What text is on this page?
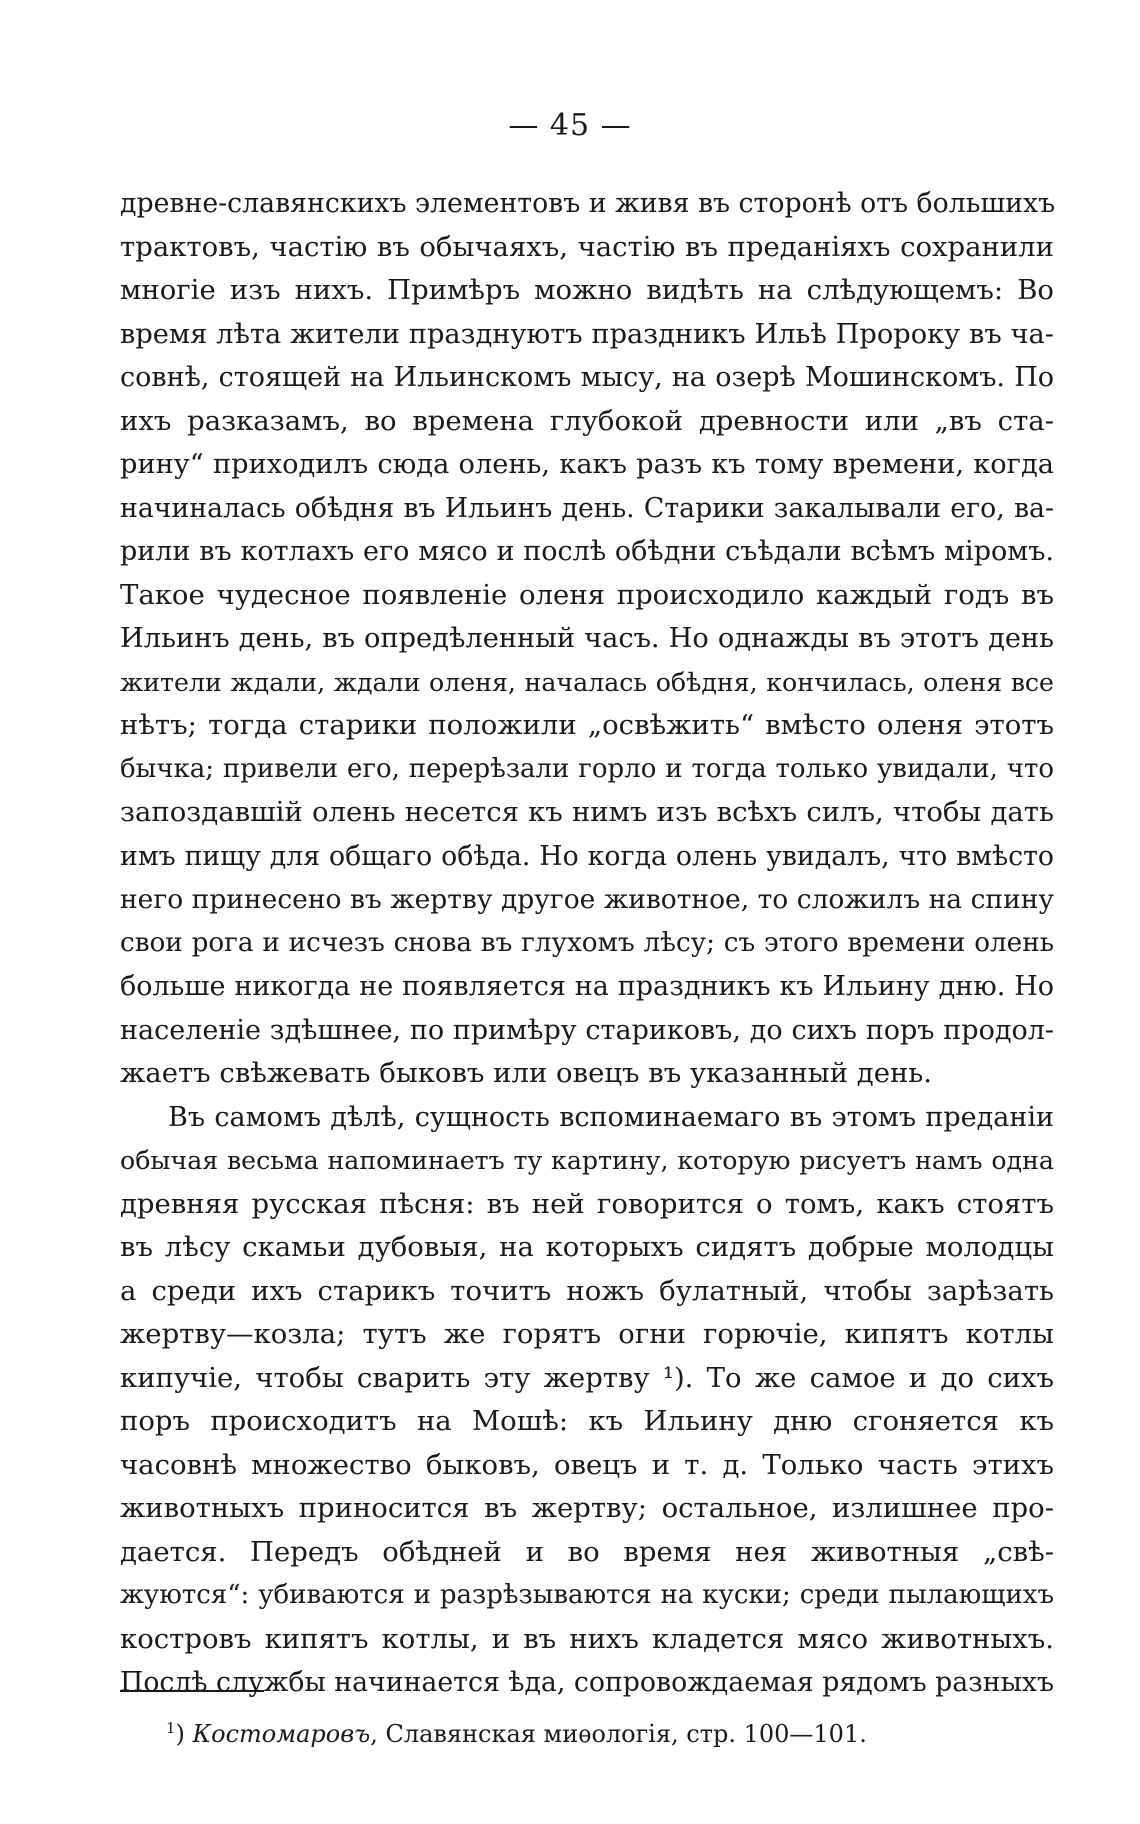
— 45 —
древне-славянскихъ элементовъ и живя въ сторонѣ отъ большихъ
трактовъ, частію въ обычаяхъ, частію въ преданіяхъ сохранили
многіе изъ нихъ. Примѣръ можно видѣть на слѣдующемъ: Во
время лѣта жители празднуютъ праздникъ Ильѣ Пророку въ ча-
совнѣ, стоящей на Ильинскомъ мысу, на озерѣ Мошинскомъ. По
ихъ разказамъ, во времена глубокой древности или „въ ста-
рину“ приходилъ сюда олень, какъ разъ къ тому времени, когда
начиналась обѣдня въ Ильинъ день. Старики закалывали его, ва-
рили въ котлахъ его мясо и послѣ обѣдни съѣдали всѣмъ міромъ.
Такое чудесное появленіе оленя происходило каждый годъ въ
Ильинъ день, въ опредѣленный часъ. Но однажды въ этотъ день
жители ждали, ждали оленя, началась обѣдня, кончилась, оленя все
нѣтъ; тогда старики положили „освѣжить“ вмѣсто оленя этотъ
бычка; привели его, перерѣзали горло и тогда только увидали, что
запоздавшій олень несется къ нимъ изъ всѣхъ силъ, чтобы дать
имъ пищу для общаго обѣда. Но когда олень увидалъ, что вмѣсто
него принесено въ жертву другое животное, то сложилъ на спину
свои рога и исчезъ снова въ глухомъ лѣсу; съ этого времени олень
больше никогда не появляется на праздникъ къ Ильину дню. Но
населеніе здѣшнее, по примѣру стариковъ, до сихъ поръ продол-
жаетъ свѣжевать быковъ или овецъ въ указанный день.
Въ самомъ дѣлѣ, сущность вспоминаемаго въ этомъ преданіи
обычая весьма напоминаетъ ту картину, которую рисуетъ намъ одна
древняя русская пѣсня: въ ней говорится о томъ, какъ стоятъ
въ лѣсу скамьи дубовыя, на которыхъ сидятъ добрые молодцы
а среди ихъ старикъ точитъ ножъ булатный, чтобы зарѣзать
жертву—козла; тутъ же горятъ огни горючіе, кипятъ котлы
кипучіе, чтобы сварить эту жертву ¹). То же самое и до сихъ
поръ происходитъ на Мошѣ: къ Ильину дню сгоняется къ
часовнѣ множество быковъ, овецъ и т. д. Только часть этихъ
животныхъ приносится въ жертву; остальное, излишнее про-
дается. Передъ обѣдней и во время нея животныя „свѣ-
жуются“: убиваются и разрѣзываются на куски; среди пылающихъ
костровъ кипятъ котлы, и въ нихъ кладется мясо животныхъ.
Послѣ службы начинается ѣда, сопровождаемая рядомъ разныхъ
$^1$) Костомаровъ, Славянская миѳологія, стр. 100—101.
